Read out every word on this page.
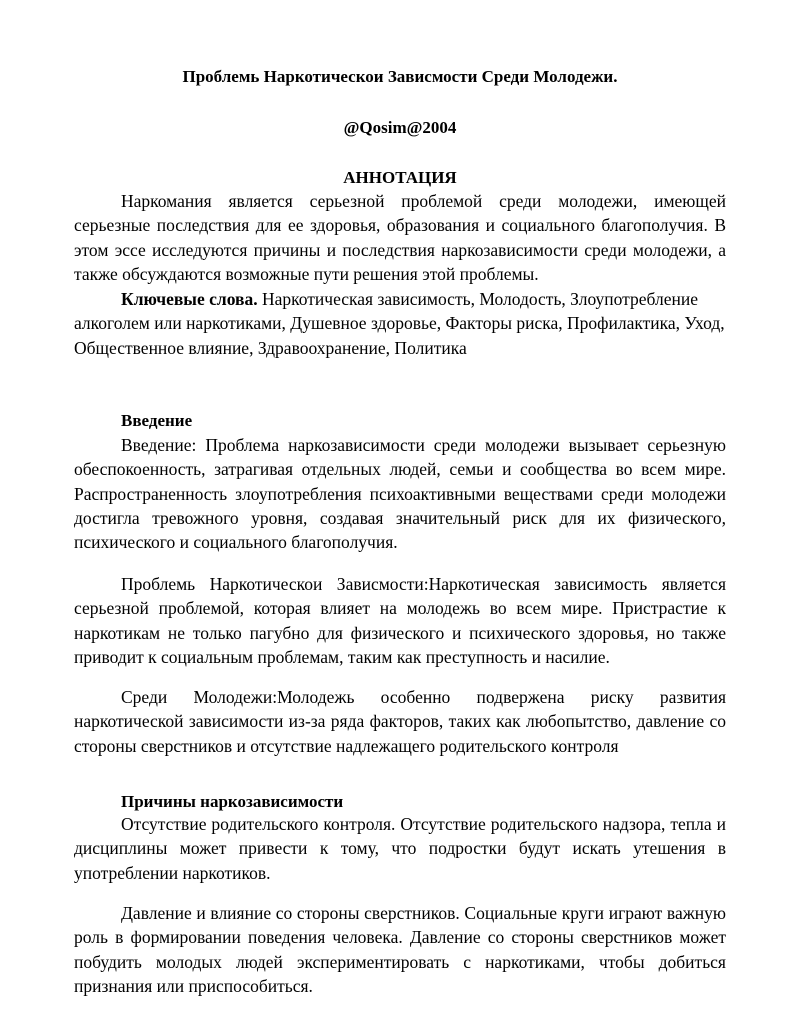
Проблемь Наркотическои Зависмости Среди Молодежи.
@Qosim@2004
АННОТАЦИЯ

Наркомания является серьезной проблемой среди молодежи, имеющей серьезные последствия для ее здоровья, образования и социального благополучия. В этом эссе исследуются причины и последствия наркозависимости среди молодежи, а также обсуждаются возможные пути решения этой проблемы.

Ключевые слова. Наркотическая зависимость, Молодость, Злоупотребление алкоголем или наркотиками, Душевное здоровье, Факторы риска, Профилактика, Уход, Общественное влияние, Здравоохранение, Политика

Введение

Введение: Проблема наркозависимости среди молодежи вызывает серьезную обеспокоенность, затрагивая отдельных людей, семьи и сообщества во всем мире. Распространенность злоупотребления психоактивными веществами среди молодежи достигла тревожного уровня, создавая значительный риск для их физического, психического и социального благополучия.

Проблемь Наркотическои Зависмости:Наркотическая зависимость является серьезной проблемой, которая влияет на молодежь во всем мире. Пристрастие к наркотикам не только пагубно для физического и психического здоровья, но также приводит к социальным проблемам, таким как преступность и насилие.

Среди Молодежи:Молодежь особенно подвержена риску развития наркотической зависимости из-за ряда факторов, таких как любопытство, давление со стороны сверстников и отсутствие надлежащего родительского контроля

Причины наркозависимости

Отсутствие родительского контроля. Отсутствие родительского надзора, тепла и дисциплины может привести к тому, что подростки будут искать утешения в употреблении наркотиков.

Давление и влияние со стороны сверстников. Социальные круги играют важную роль в формировании поведения человека. Давление со стороны сверстников может побудить молодых людей экспериментировать с наркотиками, чтобы добиться признания или приспособиться.
